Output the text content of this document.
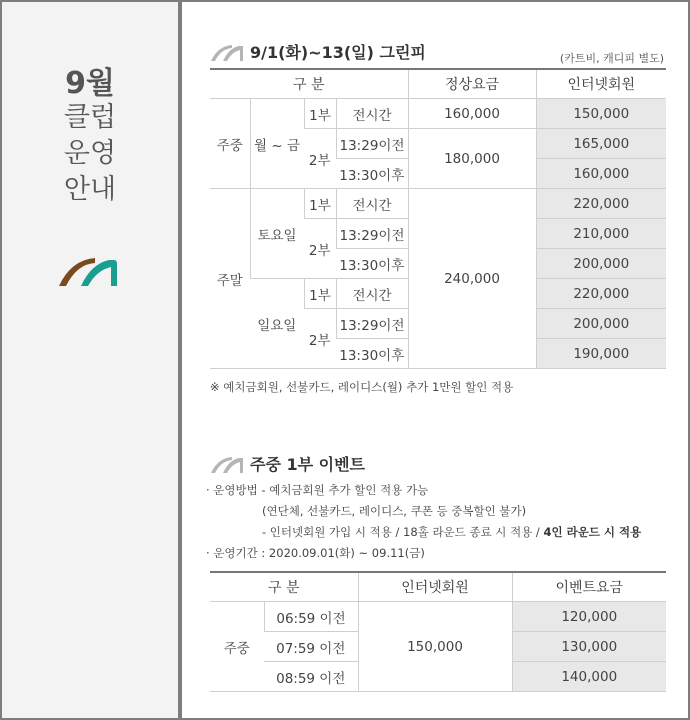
9월
클럽
운영
안내
9/1(화)~13(일) 그린피	(카트비, 캐디피 별도)
구 분				정상요금	인터넷회원
주중	월 ~ 금	1부	전시간	160,000	150,000
		2부	13:29이전	180,000	165,000
			13:30이후		160,000
주말	토요일	1부	전시간	240,000	220,000
		2부	13:29이전		210,000
			13:30이후		200,000
	일요일	1부	전시간		220,000
		2부	13:29이전		200,000
			13:30이후		190,000
※ 예치금회원, 선불카드, 레이디스(월) 추가 1만원 할인 적용
주중 1부 이벤트
· 운영방법 - 예치금회원 추가 할인 적용 가능
(연단체, 선불카드, 레이디스, 쿠폰 등 중복할인 불가)
- 인터넷회원 가입 시 적용 / 18홀 라운드 종료 시 적용 / 4인 라운드 시 적용
· 운영기간 : 2020.09.01(화) ~ 09.11(금)
구 분		인터넷회원	이벤트요금
주중	06:59 이전	150,000	120,000
	07:59 이전		130,000
	08:59 이전		140,000
